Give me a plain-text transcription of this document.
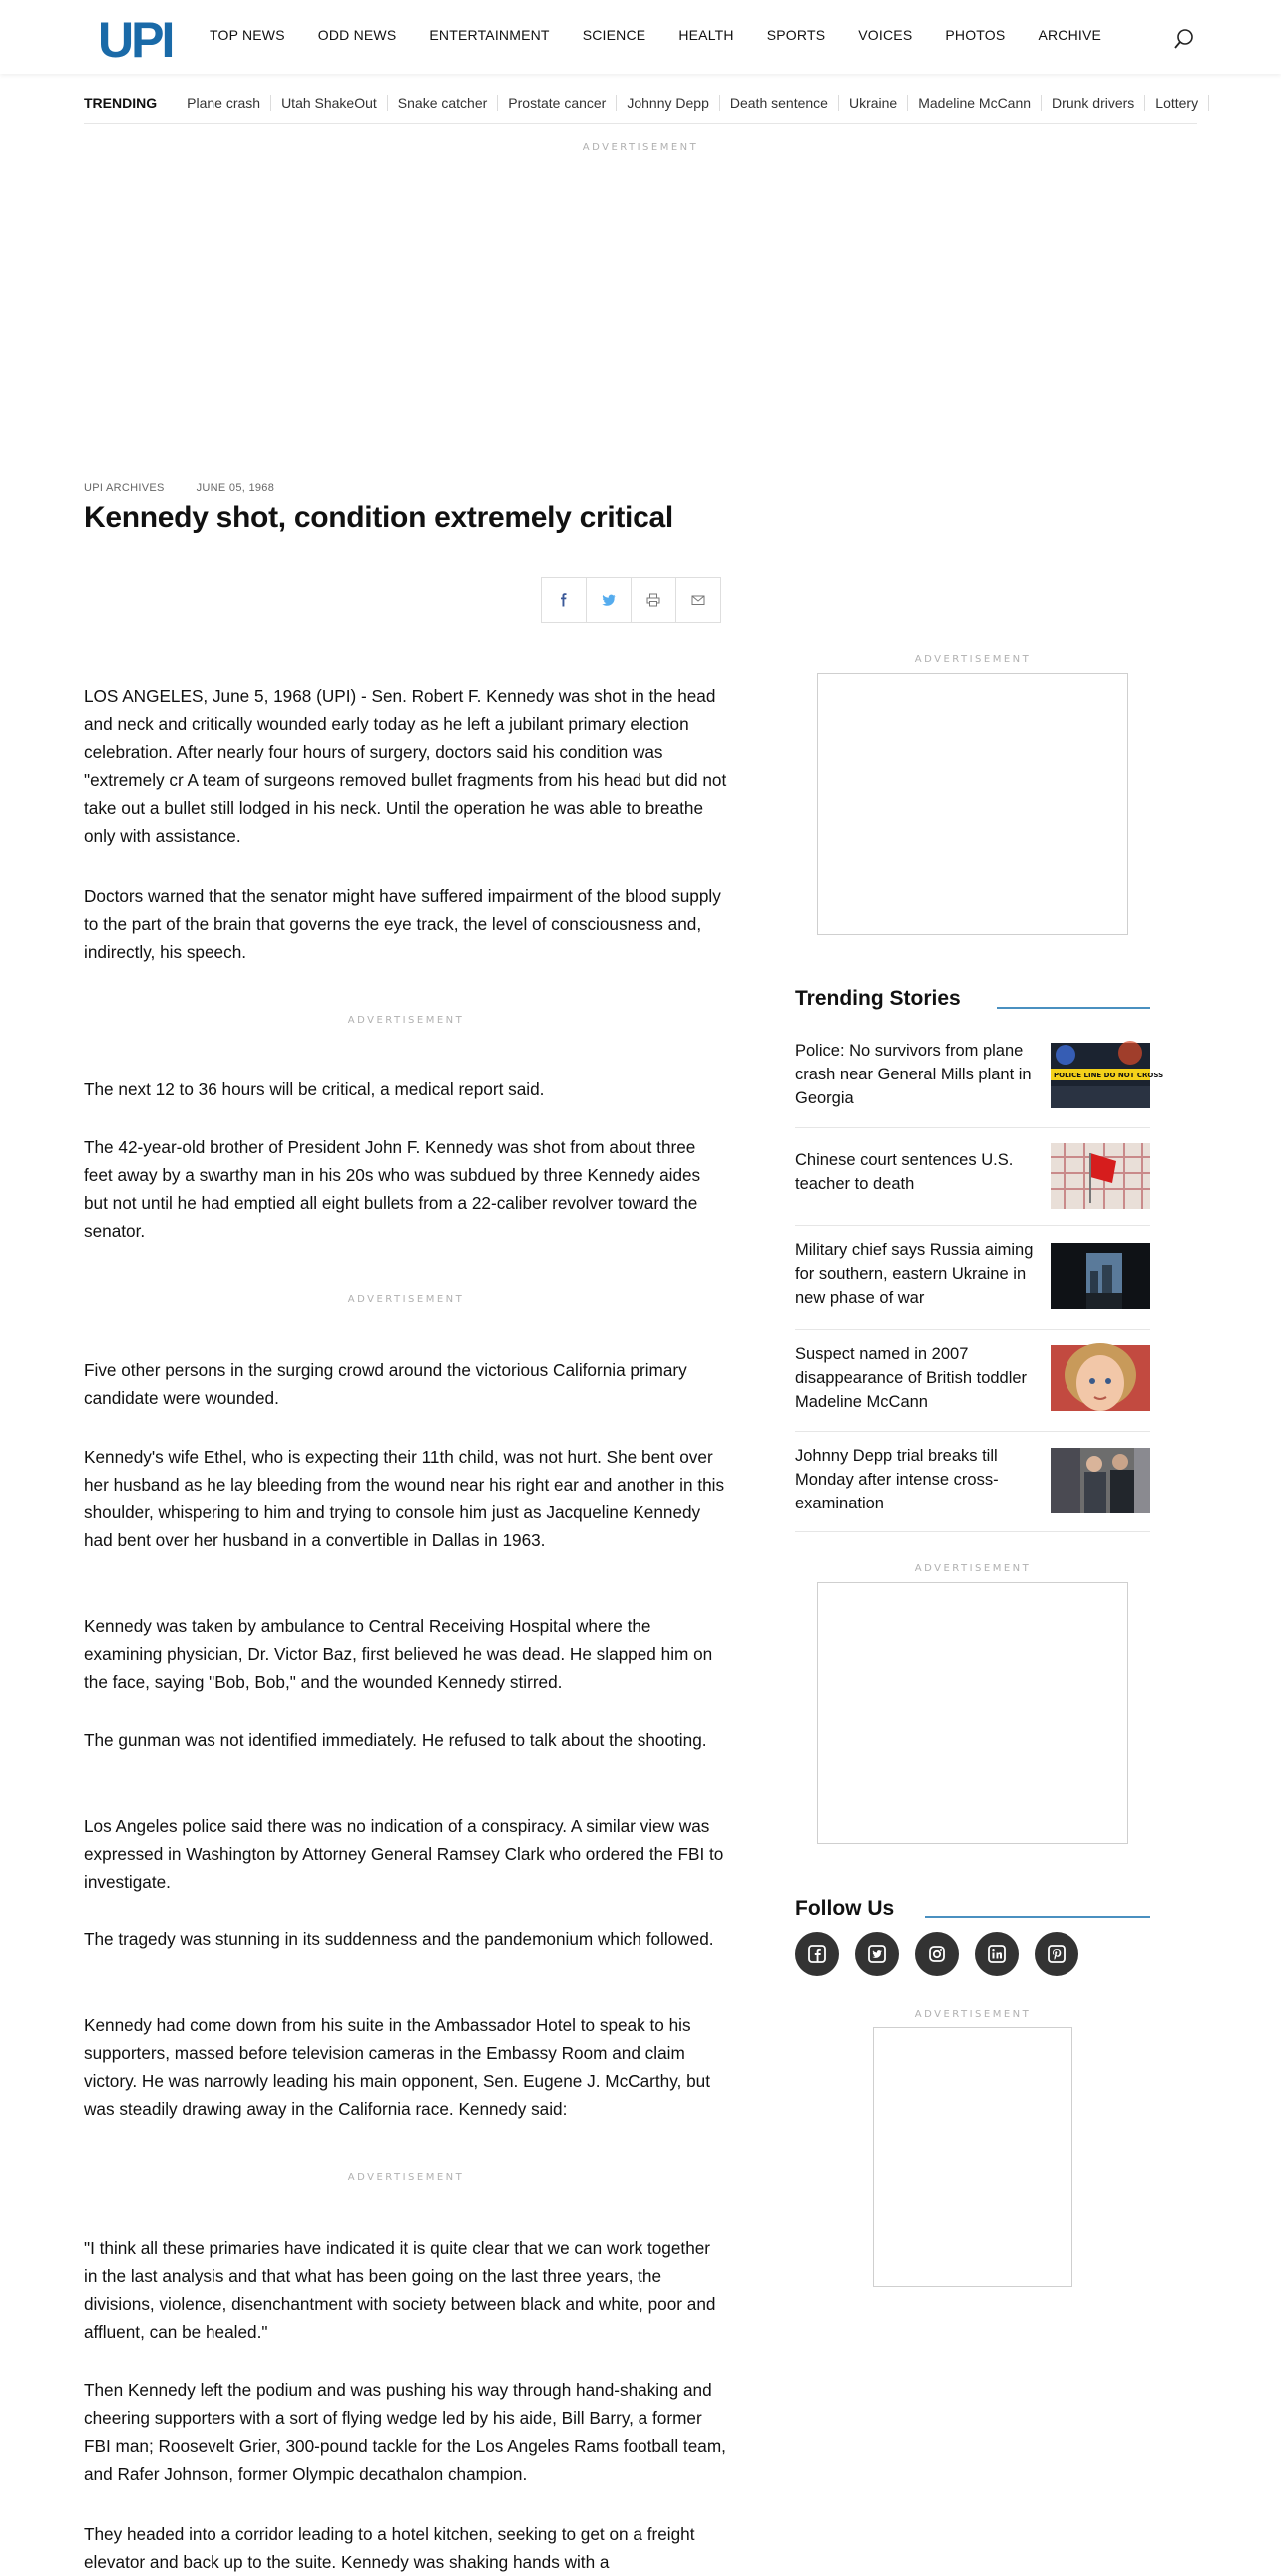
UPI	TOP NEWS ODD NEWS ENTERTAINMENT SCIENCE HEALTH SPORTS VOICES PHOTOS ARCHIVE
TRENDING	Plane crash	Utah ShakeOut	Snake catcher	Prostate cancer	Johnny Depp	Death sentence	Ukraine	Madeline McCann	Drunk drivers	Lottery
ADVERTISEMENT
UPI ARCHIVES	JUNE 05, 1968
Kennedy shot, condition extremely critical

LOS ANGELES, June 5, 1968 (UPI) - Sen. Robert F. Kennedy was shot in the head and neck and critically wounded early today as he left a jubilant primary election celebration. After nearly four hours of surgery, doctors said his condition was "extremely cr A team of surgeons removed bullet fragments from his head but did not take out a bullet still lodged in his neck. Until the operation he was able to breathe only with assistance.

Doctors warned that the senator might have suffered impairment of the blood supply to the part of the brain that governs the eye track, the level of consciousness and, indirectly, his speech.

ADVERTISEMENT

The next 12 to 36 hours will be critical, a medical report said.

The 42-year-old brother of President John F. Kennedy was shot from about three feet away by a swarthy man in his 20s who was subdued by three Kennedy aides but not until he had emptied all eight bullets from a 22-caliber revolver toward the senator.

ADVERTISEMENT

Five other persons in the surging crowd around the victorious California primary candidate were wounded.

Kennedy's wife Ethel, who is expecting their 11th child, was not hurt. She bent over her husband as he lay bleeding from the wound near his right ear and another in this shoulder, whispering to him and trying to console him just as Jacqueline Kennedy had bent over her husband in a convertible in Dallas in 1963.

Kennedy was taken by ambulance to Central Receiving Hospital where the examining physician, Dr. Victor Baz, first believed he was dead. He slapped him on the face, saying "Bob, Bob," and the wounded Kennedy stirred.

The gunman was not identified immediately. He refused to talk about the shooting.

Los Angeles police said there was no indication of a conspiracy. A similar view was expressed in Washington by Attorney General Ramsey Clark who ordered the FBI to investigate.

The tragedy was stunning in its suddenness and the pandemonium which followed.

Kennedy had come down from his suite in the Ambassador Hotel to speak to his supporters, massed before television cameras in the Embassy Room and claim victory. He was narrowly leading his main opponent, Sen. Eugene J. McCarthy, but was steadily drawing away in the California race. Kennedy said:

ADVERTISEMENT

"I think all these primaries have indicated it is quite clear that we can work together in the last analysis and that what has been going on the last three years, the divisions, violence, disenchantment with society between black and white, poor and affluent, can be healed."

Then Kennedy left the podium and was pushing his way through hand-shaking and cheering supporters with a sort of flying wedge led by his aide, Bill Barry, a former FBI man; Roosevelt Grier, 300-pound tackle for the Los Angeles Rams football team, and Rafer Johnson, former Olympic decathalon champion.

They headed into a corridor leading to a hotel kitchen, seeking to get on a freight elevator and back up to the suite. Kennedy was shaking hands with a

ADVERTISEMENT
Trending Stories
Police: No survivors from plane crash near General Mills plant in Georgia
POLICE LINE DO NOT CROSS
Chinese court sentences U.S. teacher to death
Military chief says Russia aiming for southern, eastern Ukraine in new phase of war
Suspect named in 2007 disappearance of British toddler Madeline McCann
Johnny Depp trial breaks till Monday after intense cross-examination
ADVERTISEMENT
Follow Us
ADVERTISEMENT
